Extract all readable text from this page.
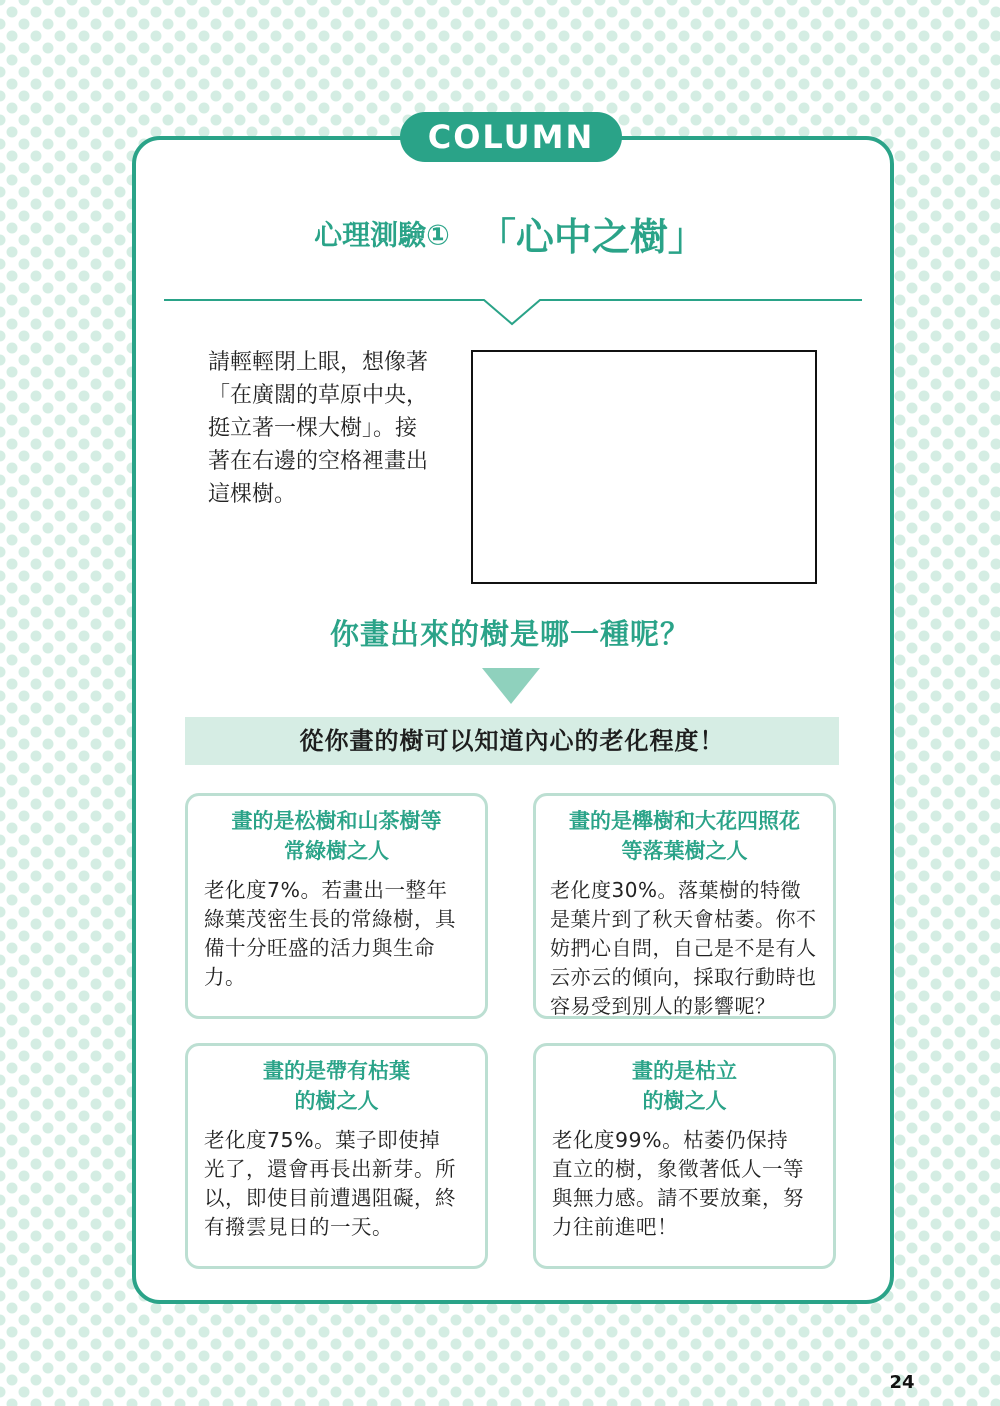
COLUMN
心理測驗① 「心中之樹」
請輕輕閉上眼，想像著
「在廣闊的草原中央，
挺立著一棵大樹」。接
著在右邊的空格裡畫出
這棵樹。
你畫出來的樹是哪一種呢？
從你畫的樹可以知道內心的老化程度！
畫的是松樹和山茶樹等
常綠樹之人
老化度7%。若畫出一整年
綠葉茂密生長的常綠樹，具
備十分旺盛的活力與生命
力。
畫的是櫸樹和大花四照花
等落葉樹之人
老化度30%。落葉樹的特徵
是葉片到了秋天會枯萎。你不
妨捫心自問，自己是不是有人
云亦云的傾向，採取行動時也
容易受到別人的影響呢？
畫的是帶有枯葉
的樹之人
老化度75%。葉子即使掉
光了，還會再長出新芽。所
以，即使目前遭遇阻礙，終
有撥雲見日的一天。
畫的是枯立
的樹之人
老化度99%。枯萎仍保持
直立的樹，象徵著低人一等
與無力感。請不要放棄，努
力往前進吧！
24
